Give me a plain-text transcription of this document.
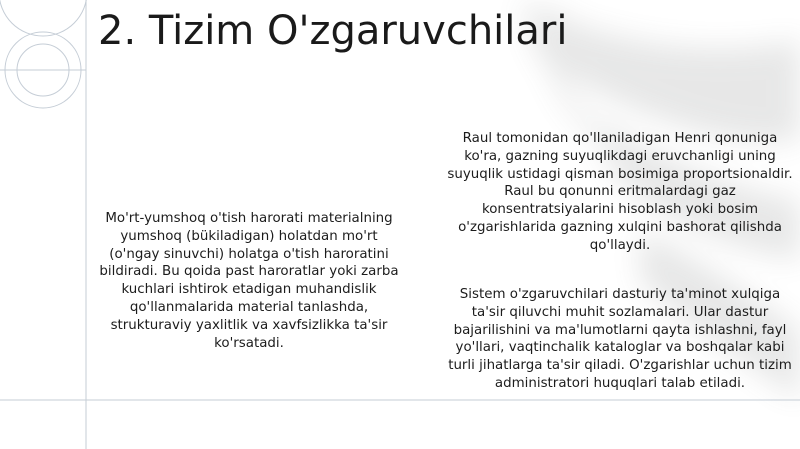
2. Tizim O'zgaruvchilari
Mo'rt-yumshoq o'tish harorati materialning yumshoq (bükiladigan) holatdan mo'rt (o'ngay sinuvchi) holatga o'tish haroratini bildiradi. Bu qoida past haroratlar yoki zarba kuchlari ishtirok etadigan muhandislik qo'llanmalarida material tanlashda, strukturaviy yaxlitlik va xavfsizlikka ta'sir ko'rsatadi.
Raul tomonidan qo'llaniladigan Henri qonuniga ko'ra, gazning suyuqlikdagi eruvchanligi uning suyuqlik ustidagi qisman bosimiga proportsionaldir. Raul bu qonunni eritmalardagi gaz konsentratsiyalarini hisoblash yoki bosim o'zgarishlarida gazning xulqini bashorat qilishda qo'llaydi.
Sistem o'zgaruvchilari dasturiy ta'minot xulqiga ta'sir qiluvchi muhit sozlamalari. Ular dastur bajarilishini va ma'lumotlarni qayta ishlashni, fayl yo'llari, vaqtinchalik kataloglar va boshqalar kabi turli jihatlarga ta'sir qiladi. O'zgarishlar uchun tizim administratori huquqlari talab etiladi.
